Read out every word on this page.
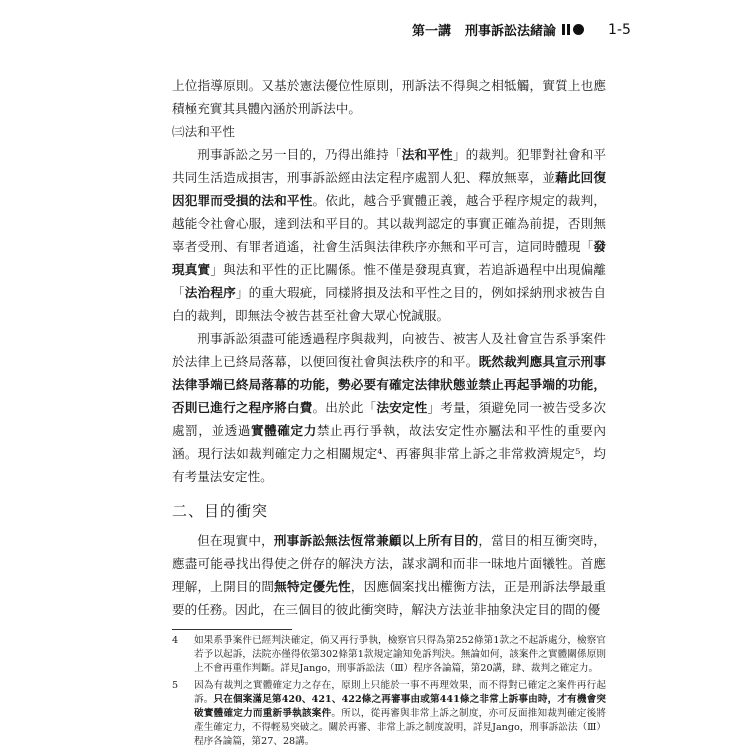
第一講 刑事訴訟法緒論	1-5

上位指導原則。又基於憲法優位性原則，刑訴法不得與之相牴觸，實質上也應積極充實其具體內涵於刑訴法中。

㈢法和平性

刑事訴訟之另一目的，乃得出維持「法和平性」的裁判。犯罪對社會和平共同生活造成損害，刑事訴訟經由法定程序處罰人犯、釋放無辜，並藉此回復因犯罪而受損的法和平性。依此，越合乎實體正義，越合乎程序規定的裁判，越能令社會心服，達到法和平目的。其以裁判認定的事實正確為前提，否則無辜者受刑、有罪者逍遙，社會生活與法律秩序亦無和平可言，這同時體現「發現真實」與法和平性的正比關係。惟不僅是發現真實，若追訴過程中出現偏離「法治程序」的重大瑕疵，同樣將損及法和平性之目的，例如採納刑求被告自白的裁判，即無法令被告甚至社會大眾心悅誠服。

刑事訴訟須盡可能透過程序與裁判，向被告、被害人及社會宣告系爭案件於法律上已終局落幕，以便回復社會與法秩序的和平。既然裁判應具宣示刑事法律爭端已終局落幕的功能，勢必要有確定法律狀態並禁止再起爭端的功能，否則已進行之程序將白費。出於此「法安定性」考量，須避免同一被告受多次處罰，並透過實體確定力禁止再行爭執，故法安定性亦屬法和平性的重要內涵。現行法如裁判確定力之相關規定⁴、再審與非常上訴之非常救濟規定⁵，均有考量法安定性。

二、目的衝突

但在現實中，刑事訴訟無法恆常兼顧以上所有目的，當目的相互衝突時，應盡可能尋找出得使之併存的解決方法，謀求調和而非一昧地片面犧牲。首應理解，上開目的間無特定優先性，因應個案找出權衡方法，正是刑訴法學最重要的任務。因此，在三個目的彼此衝突時，解決方法並非抽象決定目的間的優

4	如果系爭案件已經判決確定，倘又再行爭執，檢察官只得為第252條第1款之不起訴處分，檢察官若予以起訴，法院亦僅得依第302條第1款規定諭知免訴判決。無論如何，該案件之實體關係原則上不會再重作判斷。詳見Jango，刑事訴訟法（Ⅲ）程序各論篇，第20講，肆、裁判之確定力。
5	因為有裁判之實體確定力之存在，原則上只能於一事不再理效果，而不得對已確定之案件再行起訴。只在個案滿足第420、421、422條之再審事由或第441條之非常上訴事由時，才有機會突破實體確定力而重新爭執該案件。所以，從再審與非常上訴之制度，亦可反面推知裁判確定後將產生確定力，不得輕易突破之。關於再審、非常上訴之制度說明，詳見Jango，刑事訴訟法（Ⅲ）程序各論篇，第27、28講。
